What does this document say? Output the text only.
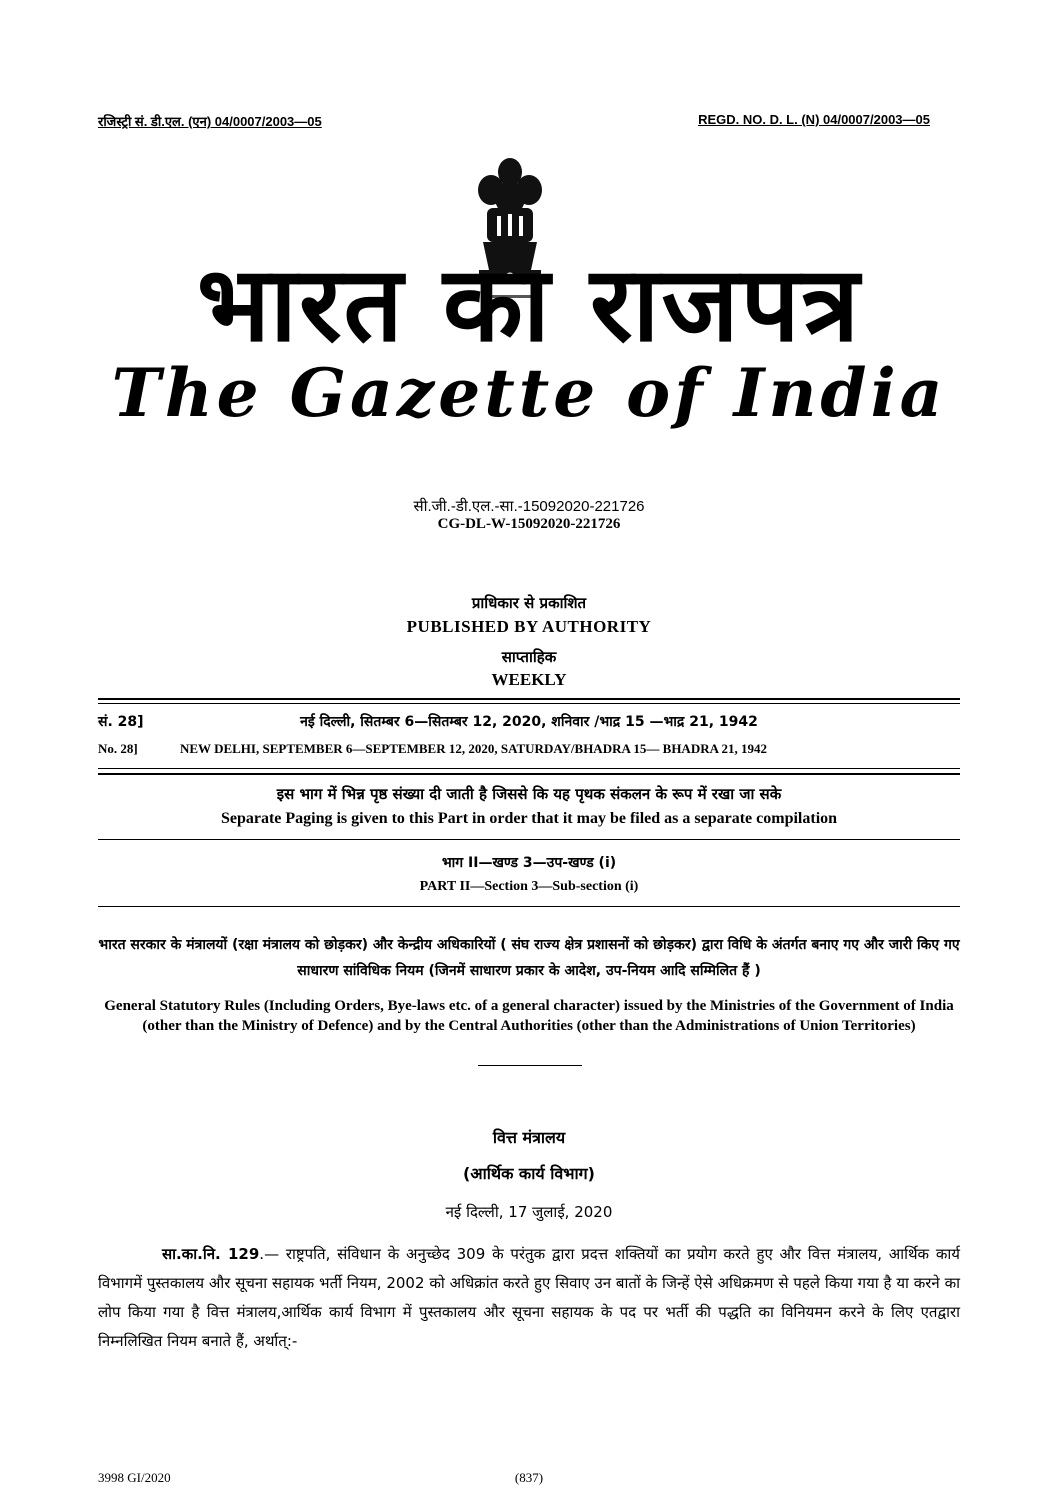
रजिस्ट्री सं. डी.एल. (एन) 04/0007/2003—05	REGD. NO. D. L. (N) 04/0007/2003—05
भारत का राजपत्र
The Gazette of India
सी.जी.-डी.एल.-सा.-15092020-221726
CG-DL-W-15092020-221726
प्राधिकार से प्रकाशित
PUBLISHED BY AUTHORITY
साप्ताहिक
WEEKLY
सं. 28]	नई दिल्ली, सितम्बर 6—सितम्बर 12, 2020, शनिवार /भाद्र 15 —भाद्र 21, 1942
No. 28]	NEW DELHI, SEPTEMBER 6—SEPTEMBER 12, 2020, SATURDAY/BHADRA 15— BHADRA 21, 1942
इस भाग में भिन्न पृष्ठ संख्या दी जाती है जिससे कि यह पृथक संकलन के रूप में रखा जा सके
Separate Paging is given to this Part in order that it may be filed as a separate compilation
भाग II—खण्ड 3—उप-खण्ड (i)
PART II—Section 3—Sub-section (i)
भारत सरकार के मंत्रालयों (रक्षा मंत्रालय को छोड़कर) और केन्द्रीय अधिकारियों ( संघ राज्य क्षेत्र प्रशासनों को छोड़कर) द्वारा विधि के अंतर्गत बनाए गए और जारी किए गए साधारण सांविधिक नियम (जिनमें साधारण प्रकार के आदेश, उप-नियम आदि सम्मिलित हैं )
General Statutory Rules (Including Orders, Bye-laws etc. of a general character) issued by the Ministries of the Government of India (other than the Ministry of Defence) and by the Central Authorities (other than the Administrations of Union Territories)
वित्त मंत्रालय
(आर्थिक कार्य विभाग)
नई दिल्ली, 17 जुलाई, 2020
सा.का.नि. 129.— राष्ट्रपति, संविधान के अनुच्छेद 309 के परंतुक द्वारा प्रदत्त शक्तियों का प्रयोग करते हुए और वित्त मंत्रालय, आर्थिक कार्य विभागमें पुस्तकालय और सूचना सहायक भर्ती नियम, 2002 को अधिक्रांत करते हुए सिवाए उन बातों के जिन्हें ऐसे अधिक्रमण से पहले किया गया है या करने का लोप किया गया है वित्त मंत्रालय,आर्थिक कार्य विभाग में पुस्तकालय और सूचना सहायक के पद पर भर्ती की पद्धति का विनियमन करने के लिए एतद्वारा निम्नलिखित नियम बनाते हैं, अर्थात्:-
3998 GI/2020	(837)
